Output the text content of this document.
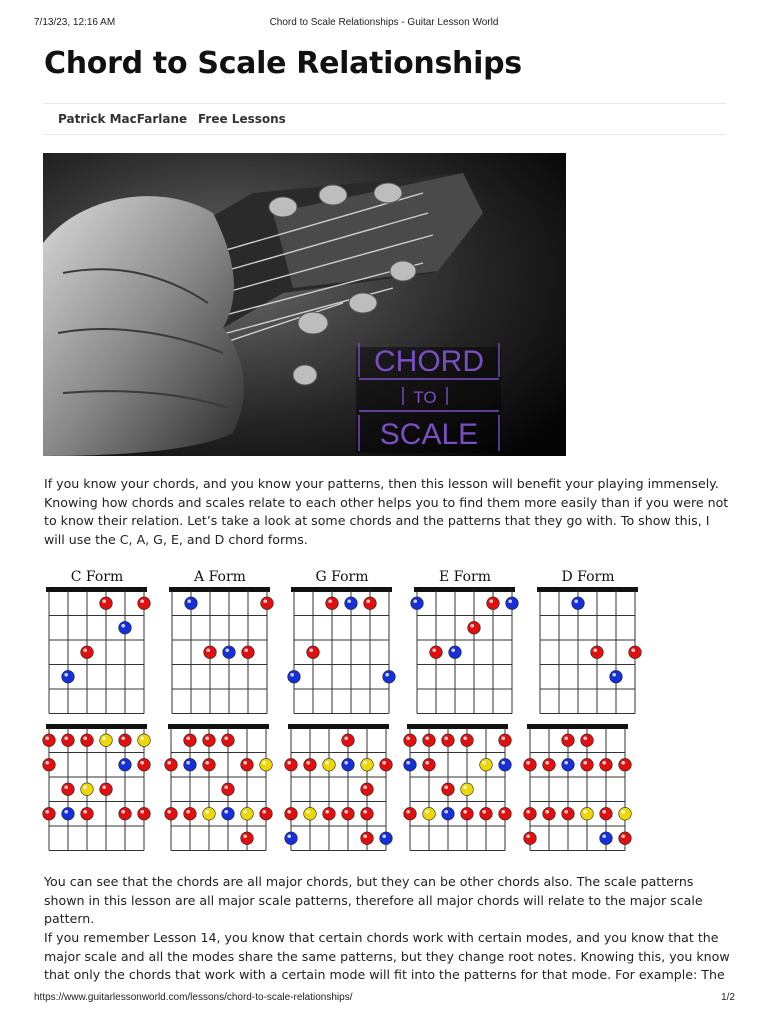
7/13/23, 12:16 AM	Chord to Scale Relationships - Guitar Lesson World
Chord to Scale Relationships
Patrick MacFarlane Free Lessons
CHORD
TO
SCALE

If you know your chords, and you know your patterns, then this lesson will benefit your playing immensely. Knowing how chords and scales relate to each other helps you to find them more easily than if you were not to know their relation. Let’s take a look at some chords and the patterns that they go with. To show this, I will use the C, A, G, E, and D chord forms.

C Form	A Form	G Form	E Form	D Form

You can see that the chords are all major chords, but they can be other chords also. The scale patterns shown in this lesson are all major scale patterns, therefore all major chords will relate to the major scale pattern.

If you remember Lesson 14, you know that certain chords work with certain modes, and you know that the major scale and all the modes share the same patterns, but they change root notes. Knowing this, you know that only the chords that work with a certain mode will fit into the patterns for that mode. For example: The

https://www.guitarlessonworld.com/lessons/chord-to-scale-relationships/	1/2
